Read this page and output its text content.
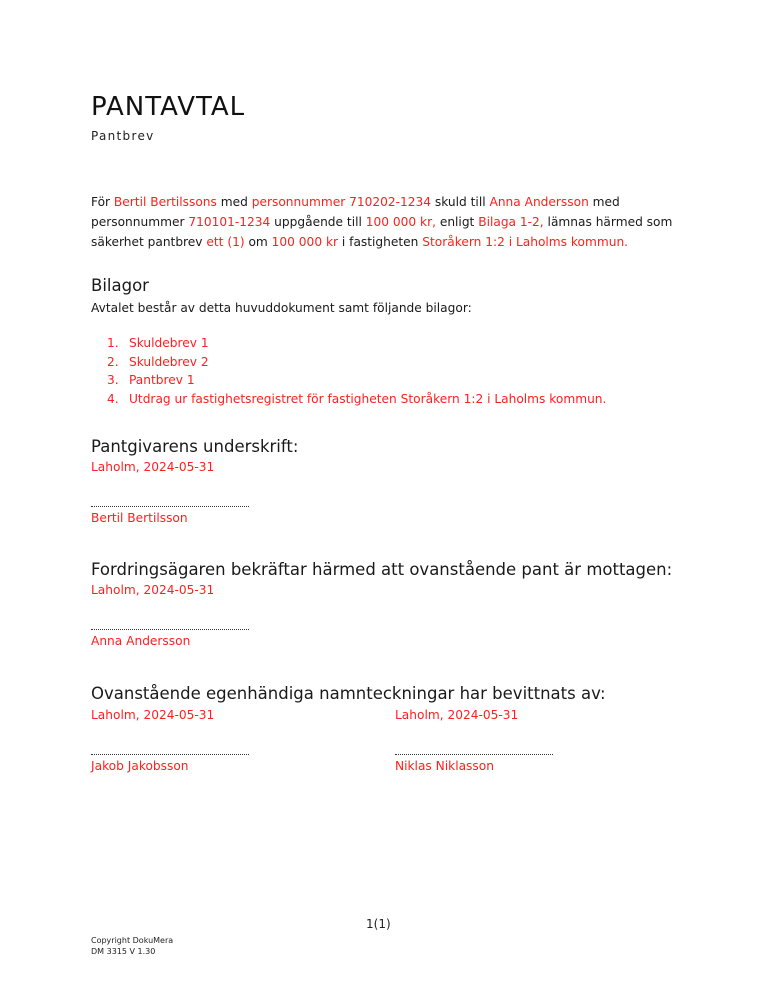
PANTAVTAL
Pantbrev

För Bertil Bertilssons med personnummer 710202-1234 skuld till Anna Andersson med personnummer 710101-1234 uppgående till 100 000 kr, enligt Bilaga 1-2, lämnas härmed som säkerhet pantbrev ett (1) om 100 000 kr i fastigheten Storåkern 1:2 i Laholms kommun.

Bilagor
Avtalet består av detta huvuddokument samt följande bilagor:
1. Skuldebrev 1
2. Skuldebrev 2
3. Pantbrev 1
4. Utdrag ur fastighetsregistret för fastigheten Storåkern 1:2 i Laholms kommun.
Pantgivarens underskrift:
Laholm, 2024-05-31
Bertil Bertilsson
Fordringsägaren bekräftar härmed att ovanstående pant är mottagen:
Laholm, 2024-05-31
Anna Andersson
Ovanstående egenhändiga namnteckningar har bevittnats av:
Laholm, 2024-05-31
Jakob Jakobsson
Laholm, 2024-05-31
Niklas Niklasson
1(1)
Copyright DokuMera
DM 3315 V 1.30
